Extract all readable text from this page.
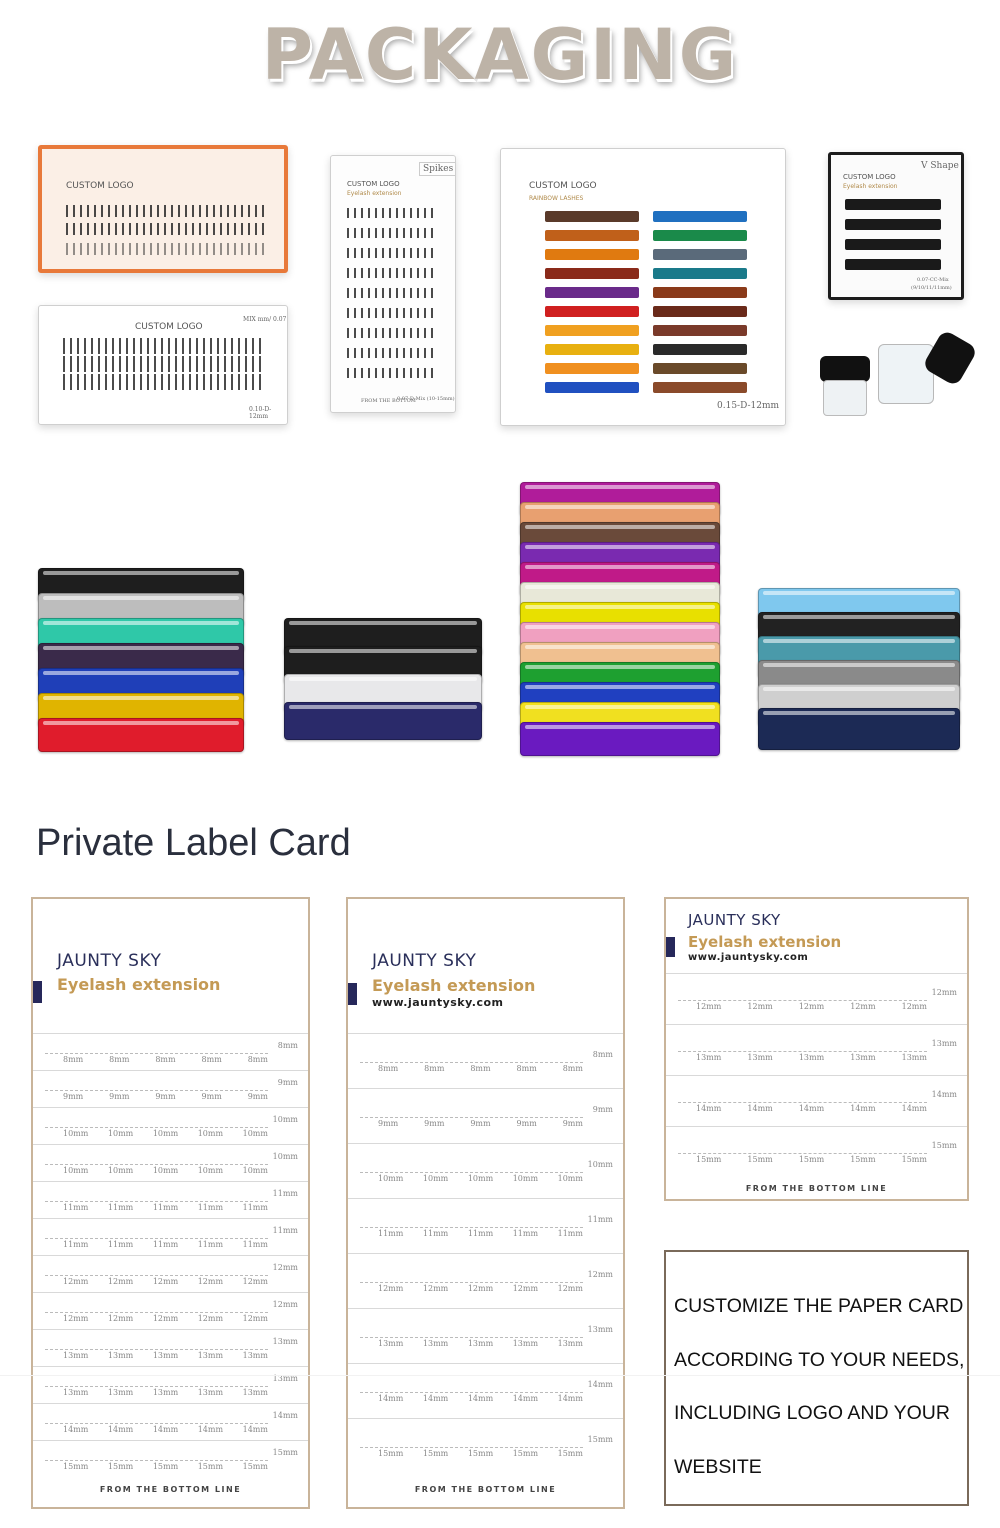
PACKAGING
CUSTOM LOGO
CUSTOM LOGO
MIX mm/ 0.07
0.10-D-12mm
CUSTOM LOGO
Eyelash extension
Spikes
FROM THE BOTTOM
0.07-D-Mix (10-15mm)
CUSTOM LOGO
RAINBOW LASHES
0.15-D-12mm
CUSTOM LOGO
Eyelash extension
V Shape
0.07-CC-Mix
(9/10/11/11mm)
Private Label Card
JAUNTY SKY
Eyelash extension
8mm
8mm	8mm	8mm	8mm	8mm
9mm
9mm	9mm	9mm	9mm	9mm
10mm
10mm 10mm 10mm 10mm 10mm
10mm
10mm 10mm 10mm 10mm 10mm
11mm
11mm 11mm 11mm 11mm 11mm
11mm
11mm 11mm 11mm 11mm 11mm
12mm
12mm 12mm 12mm 12mm 12mm
12mm
12mm 12mm 12mm 12mm 12mm
13mm
13mm 13mm 13mm 13mm 13mm
13mm
13mm 13mm 13mm 13mm 13mm
14mm
14mm 14mm 14mm 14mm 14mm
15mm
15mm 15mm 15mm 15mm 15mm
FROM THE BOTTOM LINE
JAUNTY SKY
Eyelash extension
www.jauntysky.com
8mm
8mm	8mm	8mm	8mm	8mm
9mm
9mm	9mm	9mm	9mm	9mm
10mm
10mm 10mm 10mm 10mm 10mm
11mm
11mm 11mm 11mm 11mm 11mm
12mm
12mm 12mm 12mm 12mm 12mm
13mm
13mm 13mm 13mm 13mm 13mm
14mm
14mm 14mm 14mm 14mm 14mm
15mm
15mm 15mm 15mm 15mm 15mm
FROM THE BOTTOM LINE
JAUNTY SKY
Eyelash extension
www.jauntysky.com
12mm
12mm	12mm	12mm	12mm	12mm
13mm
13mm	13mm	13mm	13mm	13mm
14mm
14mm	14mm	14mm	14mm	14mm
15mm
15mm	15mm	15mm	15mm	15mm
FROM THE BOTTOM LINE

CUSTOMIZE THE PAPER CARD

ACCORDING TO YOUR NEEDS,

INCLUDING LOGO AND YOUR

WEBSITE
